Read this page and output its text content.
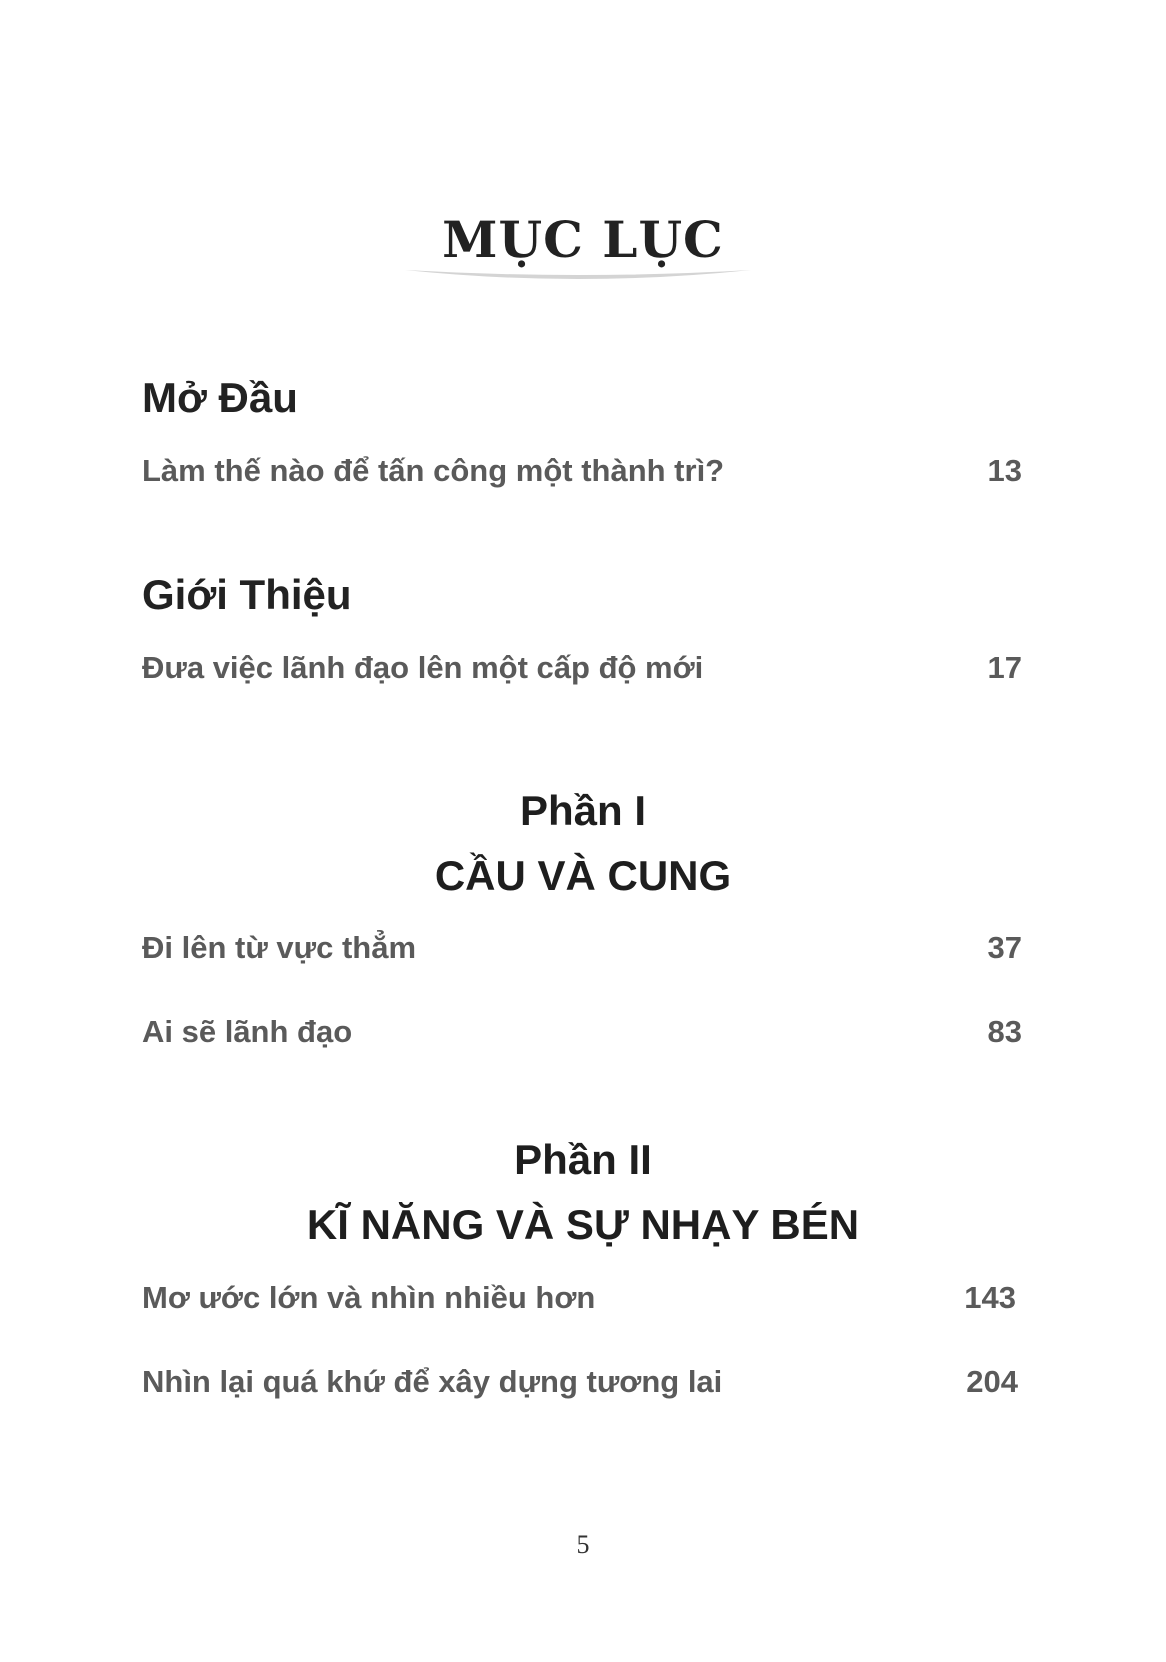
MỤC LỤC
Mở Đầu
Làm thế nào để tấn công một thành trì?	13
Giới Thiệu
Đưa việc lãnh đạo lên một cấp độ mới	17
Phần I
CẦU VÀ CUNG
Đi lên từ vực thẳm	37
Ai sẽ lãnh đạo	83
Phần II
KĨ NĂNG VÀ SỰ NHẠY BÉN
Mơ ước lớn và nhìn nhiều hơn	143
Nhìn lại quá khứ để xây dựng tương lai	204
5
